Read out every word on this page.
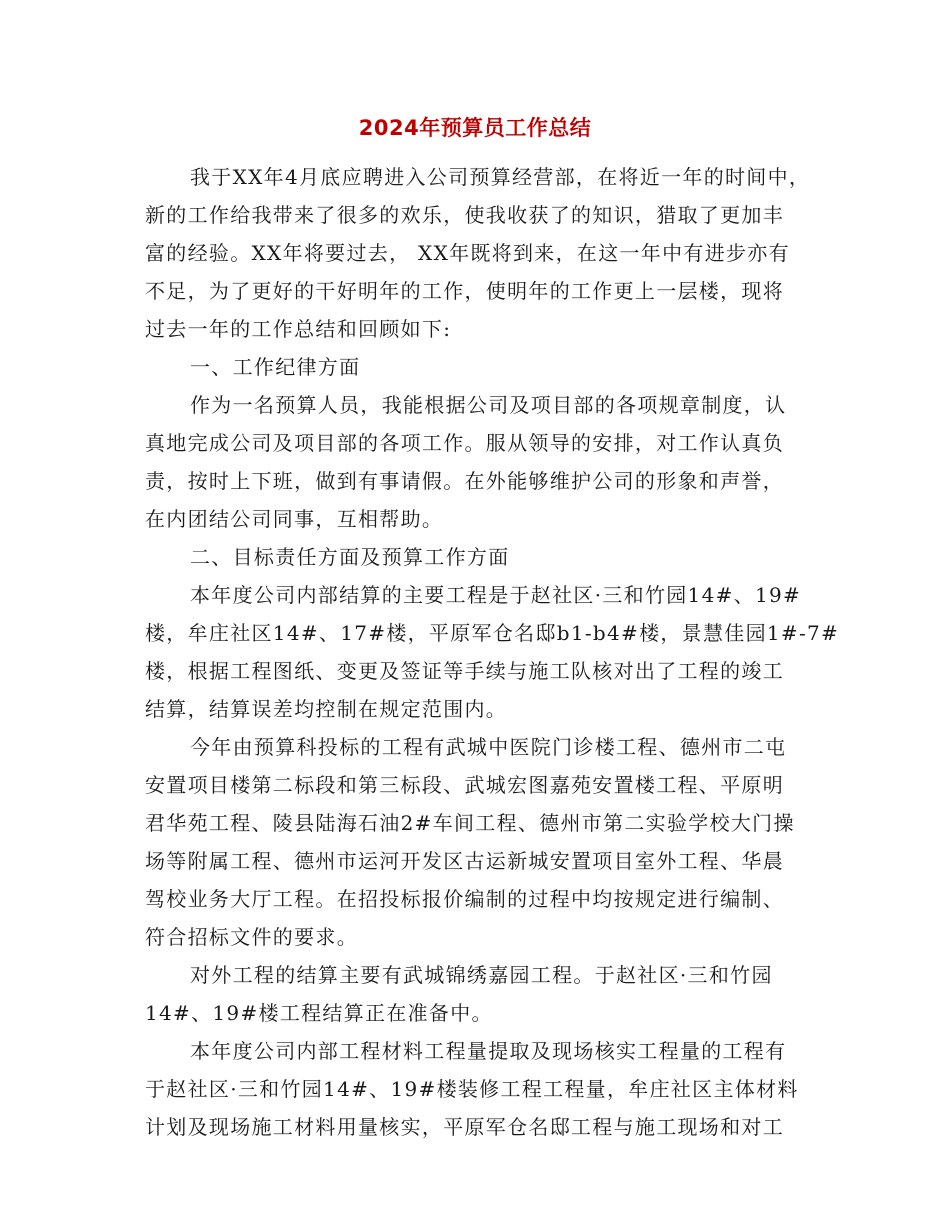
2024年预算员工作总结
我于XX年4月底应聘进入公司预算经营部，在将近一年的时间中，
新的工作给我带来了很多的欢乐，使我收获了的知识，猎取了更加丰
富的经验。XX年将要过去， XX年既将到来，在这一年中有进步亦有
不足，为了更好的干好明年的工作，使明年的工作更上一层楼，现将
过去一年的工作总结和回顾如下:
一、工作纪律方面
作为一名预算人员，我能根据公司及项目部的各项规章制度，认
真地完成公司及项目部的各项工作。服从领导的安排，对工作认真负
责，按时上下班，做到有事请假。在外能够维护公司的形象和声誉，
在内团结公司同事，互相帮助。
二、目标责任方面及预算工作方面
本年度公司内部结算的主要工程是于赵社区·三和竹园14#、19#
楼，牟庄社区14#、17#楼，平原军仓名邸b1-b4#楼，景慧佳园1#-7#
楼，根据工程图纸、变更及签证等手续与施工队核对出了工程的竣工
结算，结算误差均控制在规定范围内。
今年由预算科投标的工程有武城中医院门诊楼工程、德州市二屯
安置项目楼第二标段和第三标段、武城宏图嘉苑安置楼工程、平原明
君华苑工程、陵县陆海石油2#车间工程、德州市第二实验学校大门操
场等附属工程、德州市运河开发区古运新城安置项目室外工程、华晨
驾校业务大厅工程。在招投标报价编制的过程中均按规定进行编制、
符合招标文件的要求。
对外工程的结算主要有武城锦绣嘉园工程。于赵社区·三和竹园
14#、19#楼工程结算正在准备中。
本年度公司内部工程材料工程量提取及现场核实工程量的工程有
于赵社区·三和竹园14#、19#楼装修工程工程量，牟庄社区主体材料
计划及现场施工材料用量核实，平原军仓名邸工程与施工现场和对工
